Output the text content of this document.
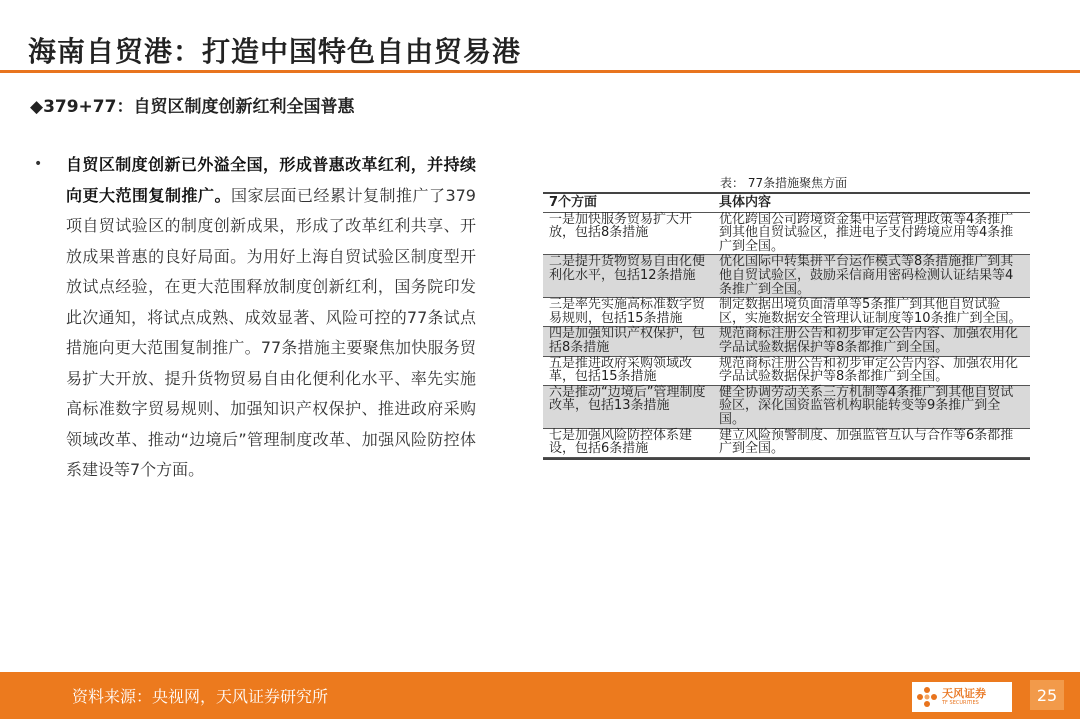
海南自贸港：打造中国特色自由贸易港
◆379+77：自贸区制度创新红利全国普惠
• 自贸区制度创新已外溢全国，形成普惠改革红利，并持续向更大范围复制推广。国家层面已经累计复制推广了379项自贸试验区的制度创新成果，形成了改革红利共享、开放成果普惠的良好局面。为用好上海自贸试验区制度型开放试点经验，在更大范围释放制度创新红利，国务院印发此次通知，将试点成熟、成效显著、风险可控的77条试点措施向更大范围复制推广。77条措施主要聚焦加快服务贸易扩大开放、提升货物贸易自由化便利化水平、率先实施高标准数字贸易规则、加强知识产权保护、推进政府采购领域改革、推动“边境后”管理制度改革、加强风险防控体系建设等7个方面。
表： 77条措施聚焦方面
7个方面	具体内容
一是加快服务贸易扩大开放，包括8条措施	优化跨国公司跨境资金集中运营管理政策等4条推广到其他自贸试验区，推进电子支付跨境应用等4条推广到全国。
二是提升货物贸易自由化便利化水平，包括12条措施	优化国际中转集拼平台运作模式等8条措施推广到其他自贸试验区，鼓励采信商用密码检测认证结果等4条推广到全国。
三是率先实施高标准数字贸易规则，包括15条措施	制定数据出境负面清单等5条推广到其他自贸试验区，实施数据安全管理认证制度等10条推广到全国。
四是加强知识产权保护，包括8条措施	规范商标注册公告和初步审定公告内容、加强农用化学品试验数据保护等8条都推广到全国。
五是推进政府采购领域改革，包括15条措施	规范商标注册公告和初步审定公告内容、加强农用化学品试验数据保护等8条都推广到全国。
六是推动“边境后”管理制度改革，包括13条措施	健全协调劳动关系三方机制等4条推广到其他自贸试验区，深化国资监管机构职能转变等9条推广到全国。
七是加强风险防控体系建设，包括6条措施	建立风险预警制度、加强监管互认与合作等6条都推广到全国。
资料来源：央视网，天风证券研究所	天风证券
TF SECURITIES	25
